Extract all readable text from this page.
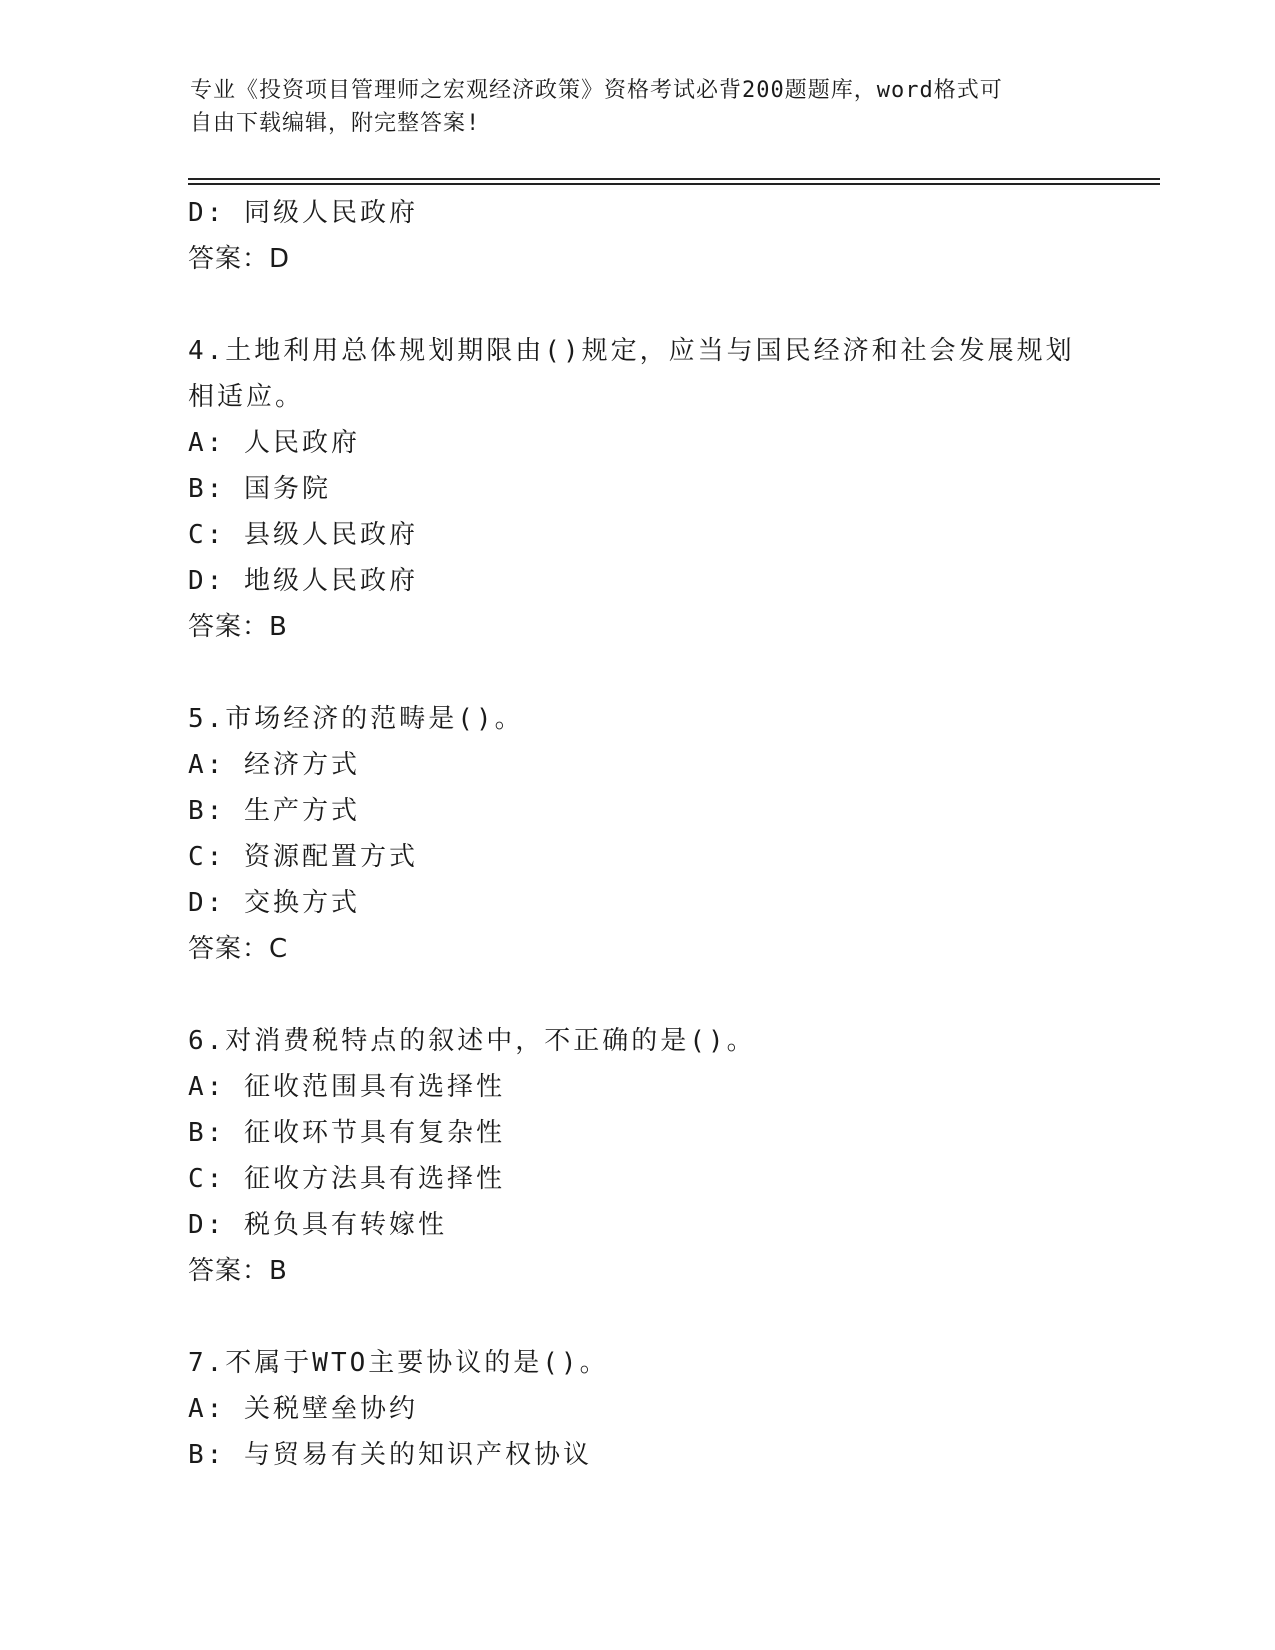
专业《投资项目管理师之宏观经济政策》资格考试必背200题题库，word格式可
自由下载编辑，附完整答案!
D: 同级人民政府
答案：D
4.土地利用总体规划期限由()规定，应当与国民经济和社会发展规划
相适应。
A: 人民政府
B: 国务院
C: 县级人民政府
D: 地级人民政府
答案：B
5.市场经济的范畴是()。
A: 经济方式
B: 生产方式
C: 资源配置方式
D: 交换方式
答案：C
6.对消费税特点的叙述中，不正确的是()。
A: 征收范围具有选择性
B: 征收环节具有复杂性
C: 征收方法具有选择性
D: 税负具有转嫁性
答案：B
7.不属于WTO主要协议的是()。
A: 关税壁垒协约
B: 与贸易有关的知识产权协议
